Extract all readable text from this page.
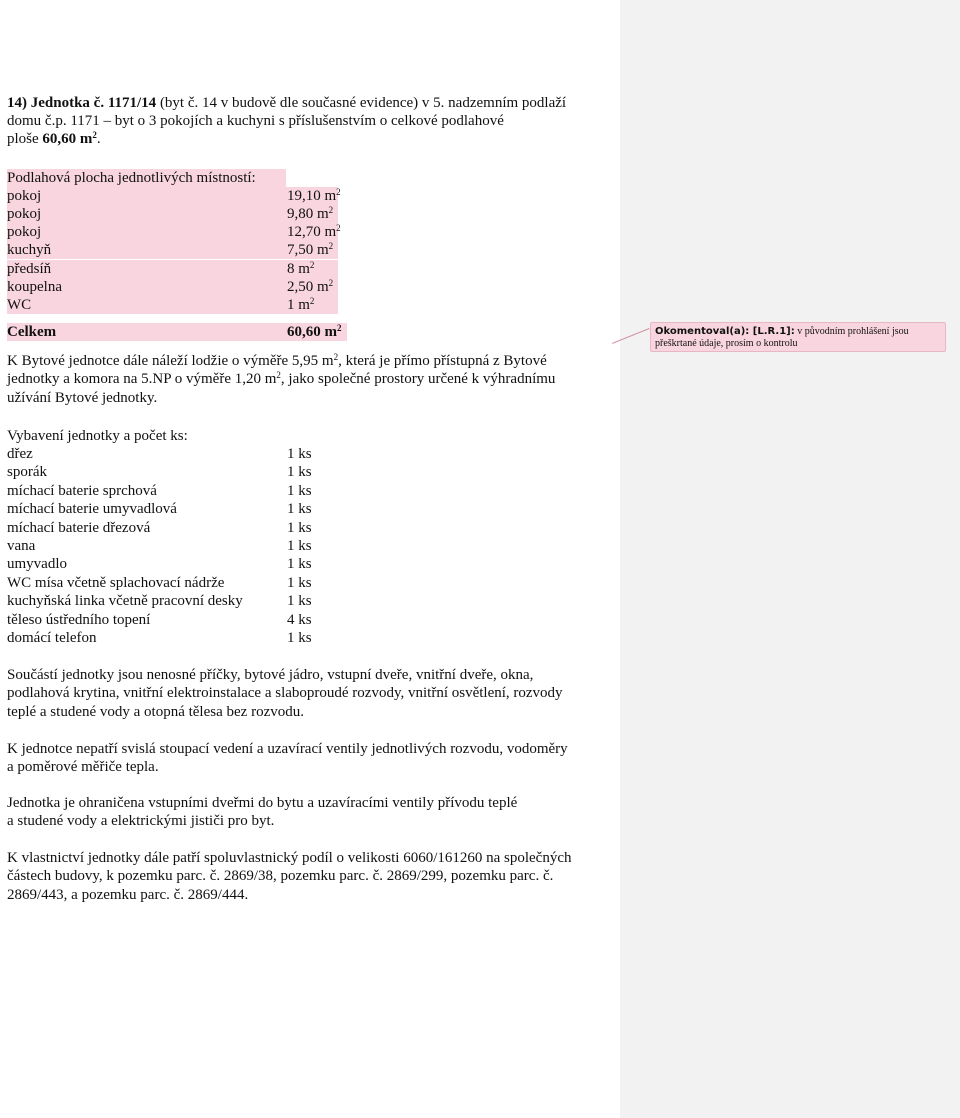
14) Jednotka č. 1171/14 (byt č. 14 v budově dle současné evidence) v 5. nadzemním podlaží
domu č.p. 1171 – byt o 3 pokojích a kuchyni s příslušenstvím o celkové podlahové
ploše 60,60 $m^2$.
Podlahová plocha jednotlivých místností:
pokoj	19,10 $m^2$
pokoj	9,80 $m^2$
pokoj	12,70 $m^2$
kuchyň	7,50 $m^2$
předsíň	8 $m^2$
koupelna	2,50 $m^2$
WC	1 $m^2$
Celkem	60,60 $m^2$
K Bytové jednotce dále náleží lodžie o výměře 5,95 $m^2$, která je přímo přístupná z Bytové
jednotky a komora na 5.NP o výměře 1,20 $m^2$, jako společné prostory určené k výhradnímu
užívání Bytové jednotky.
Vybavení jednotky a počet ks:
dřez	1 ks
sporák	1 ks
míchací baterie sprchová	1 ks
míchací baterie umyvadlová	1 ks
míchací baterie dřezová	1 ks
vana	1 ks
umyvadlo	1 ks
WC mísa včetně splachovací nádrže	1 ks
kuchyňská linka včetně pracovní desky	1 ks
těleso ústředního topení	4 ks
domácí telefon	1 ks
Součástí jednotky jsou nenosné příčky, bytové jádro, vstupní dveře, vnitřní dveře, okna,
podlahová krytina, vnitřní elektroinstalace a slaboproudé rozvody, vnitřní osvětlení, rozvody
teplé a studené vody a otopná tělesa bez rozvodu.
K jednotce nepatří svislá stoupací vedení a uzavírací ventily jednotlivých rozvodu, vodoměry
a poměrové měřiče tepla.
Jednotka je ohraničena vstupními dveřmi do bytu a uzavíracími ventily přívodu teplé
a studené vody a elektrickými jističi pro byt.
K vlastnictví jednotky dále patří spoluvlastnický podíl o velikosti 6060/161260 na společných
částech budovy, k pozemku parc. č. 2869/38, pozemku parc. č. 2869/299, pozemku parc. č.
2869/443, a pozemku parc. č. 2869/444.
Okomentoval(a): [L.R.1]: v původním prohlášení jsou
přeškrtané údaje, prosím o kontrolu
